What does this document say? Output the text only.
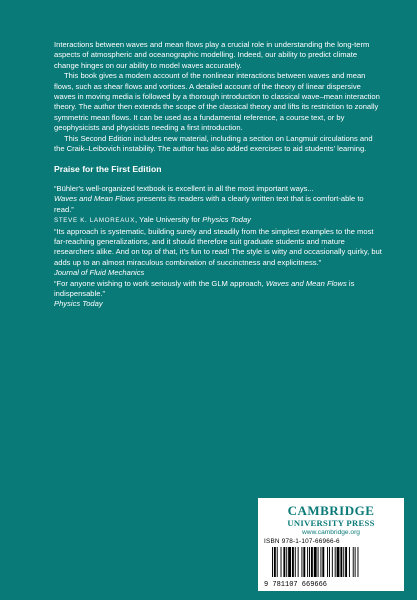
Interactions between waves and mean flows play a crucial role in understanding the long-term aspects of atmospheric and oceanographic modelling. Indeed, our ability to predict climate change hinges on our ability to model waves accurately.

This book gives a modern account of the nonlinear interactions between waves and mean flows, such as shear flows and vortices. A detailed account of the theory of linear dispersive waves in moving media is followed by a thorough introduction to classical wave–mean interaction theory. The author then extends the scope of the classical theory and lifts its restriction to zonally symmetric mean flows. It can be used as a fundamental reference, a course text, or by geophysicists and physicists needing a first introduction.

This Second Edition includes new material, including a section on Langmuir circulations and the Craik–Leibovich instability. The author has also added exercises to aid students' learning.

Praise for the First Edition

“Bühler's well-organized textbook is excellent in all the most important ways...
Waves and Mean Flows presents its readers with a clearly written text that is comfort-able to read.”

STEVE K. LAMOREAUX, Yale University for Physics Today

“Its approach is systematic, building surely and steadily from the simplest examples to the most far-reaching generalizations, and it should therefore suit graduate students and mature researchers alike. And on top of that, it's fun to read! The style is witty and occasionally quirky, but adds up to an almost miraculous combination of succinctness and explicitness.”

Journal of Fluid Mechanics

“For anyone wishing to work seriously with the GLM approach, Waves and Mean Flows is indispensable.”

Physics Today

CAMBRIDGE
UNIVERSITY PRESS
www.cambridge.org
ISBN 978-1-107-66966-6
9 781107 669666
